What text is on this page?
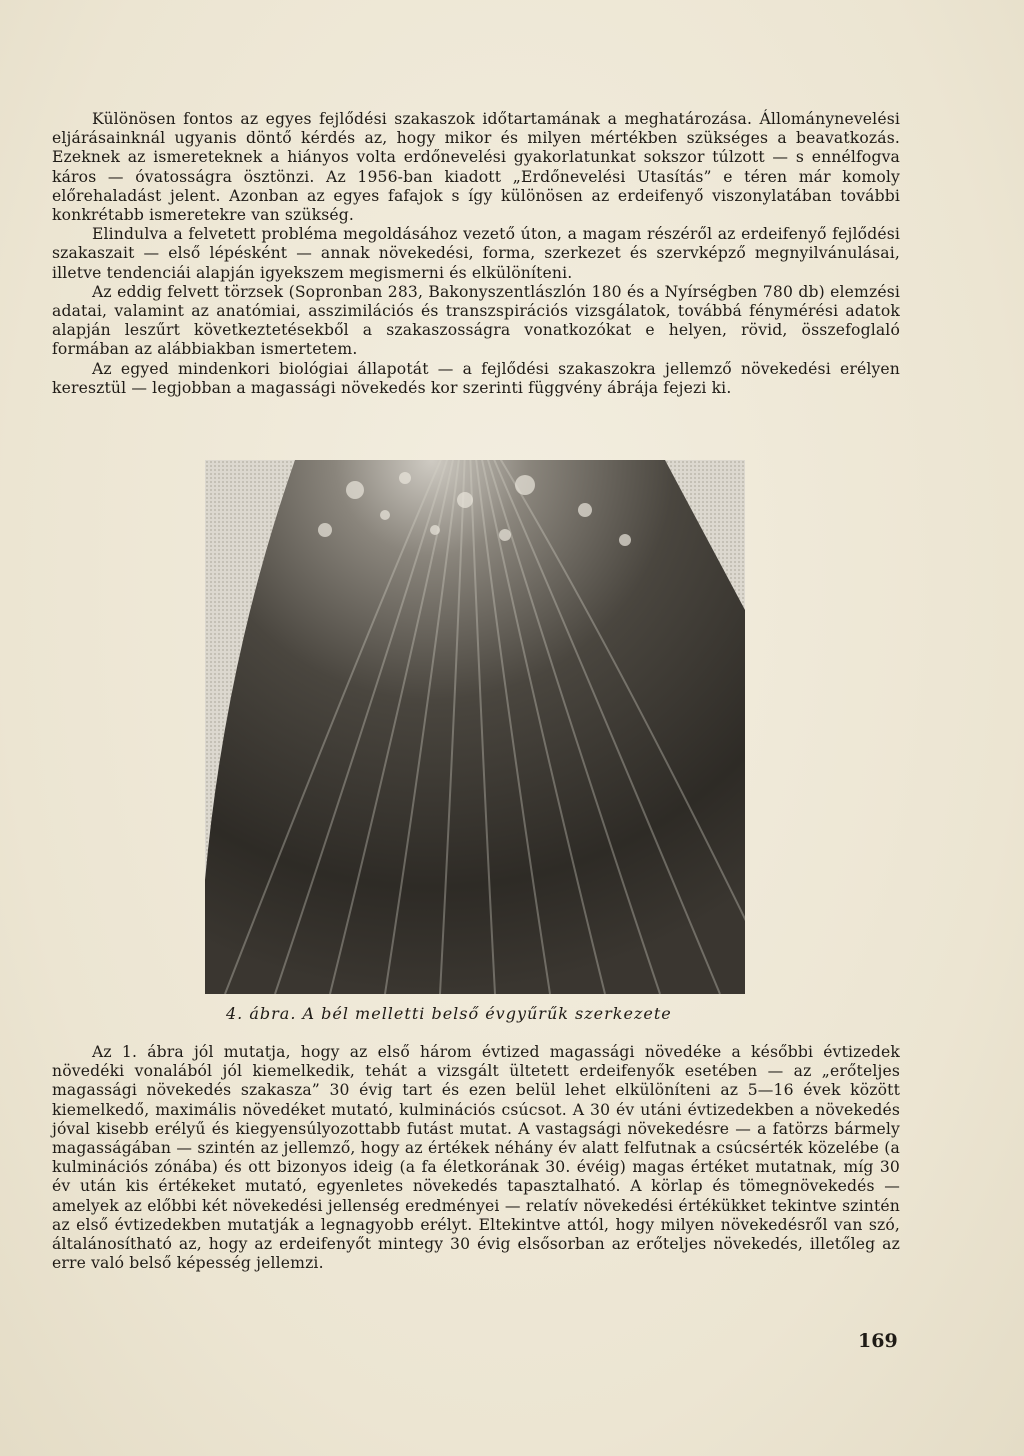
Különösen fontos az egyes fejlődési szakaszok időtartamának a meghatározása. Állománynevelési eljárásainknál ugyanis döntő kérdés az, hogy mikor és milyen mértékben szükséges a beavatkozás. Ezeknek az ismereteknek a hiányos volta erdőnevelési gyakorlatunkat sokszor túlzott — s ennélfogva káros — óvatosságra ösztönzi. Az 1956-ban kiadott „Erdőnevelési Utasítás” e téren már komoly előrehaladást jelent. Azonban az egyes fafajok s így különösen az erdeifenyő viszonylatában további konkrétabb ismeretekre van szükség.

Elindulva a felvetett probléma megoldásához vezető úton, a magam részéről az erdeifenyő fejlődési szakaszait — első lépésként — annak növekedési, forma, szerkezet és szervképző megnyilvánulásai, illetve tendenciái alapján igyekszem megismerni és elkülöníteni.

Az eddig felvett törzsek (Sopronban 283, Bakonyszentlászlón 180 és a Nyírségben 780 db) elemzési adatai, valamint az anatómiai, asszimilációs és transzspirációs vizsgálatok, továbbá fénymérési adatok alapján leszűrt következtetésekből a szakaszosságra vonatkozókat e helyen, rövid, összefoglaló formában az alábbiakban ismertetem.

Az egyed mindenkori biológiai állapotát — a fejlődési szakaszokra jellemző növekedési erélyen keresztül — legjobban a magassági növekedés kor szerinti függvény ábrája fejezi ki.

4. ábra. A bél melletti belső évgyűrűk szerkezete

Az 1. ábra jól mutatja, hogy az első három évtized magassági növedéke a későbbi évtizedek növedéki vonalából jól kiemelkedik, tehát a vizsgált ültetett erdeifenyők esetében — az „erőteljes magassági növekedés szakasza” 30 évig tart és ezen belül lehet elkülöníteni az 5—16 évek között kiemelkedő, maximális növedéket mutató, kulminációs csúcsot. A 30 év utáni évtizedekben a növekedés jóval kisebb erélyű és kiegyensúlyozottabb futást mutat. A vastagsági növekedésre — a fatörzs bármely magasságában — szintén az jellemző, hogy az értékek néhány év alatt felfutnak a csúcsérték közelébe (a kulminációs zónába) és ott bizonyos ideig (a fa életkorának 30. évéig) magas értéket mutatnak, míg 30 év után kis értékeket mutató, egyenletes növekedés tapasztalható. A körlap és tömegnövekedés — amelyek az előbbi két növekedési jellenség eredményei — relatív növekedési értékükket tekintve szintén az első évtizedekben mutatják a legnagyobb erélyt. Eltekintve attól, hogy milyen növekedésről van szó, általánosítható az, hogy az erdeifenyőt mintegy 30 évig elsősorban az erőteljes növekedés, illetőleg az erre való belső képesség jellemzi.

169
